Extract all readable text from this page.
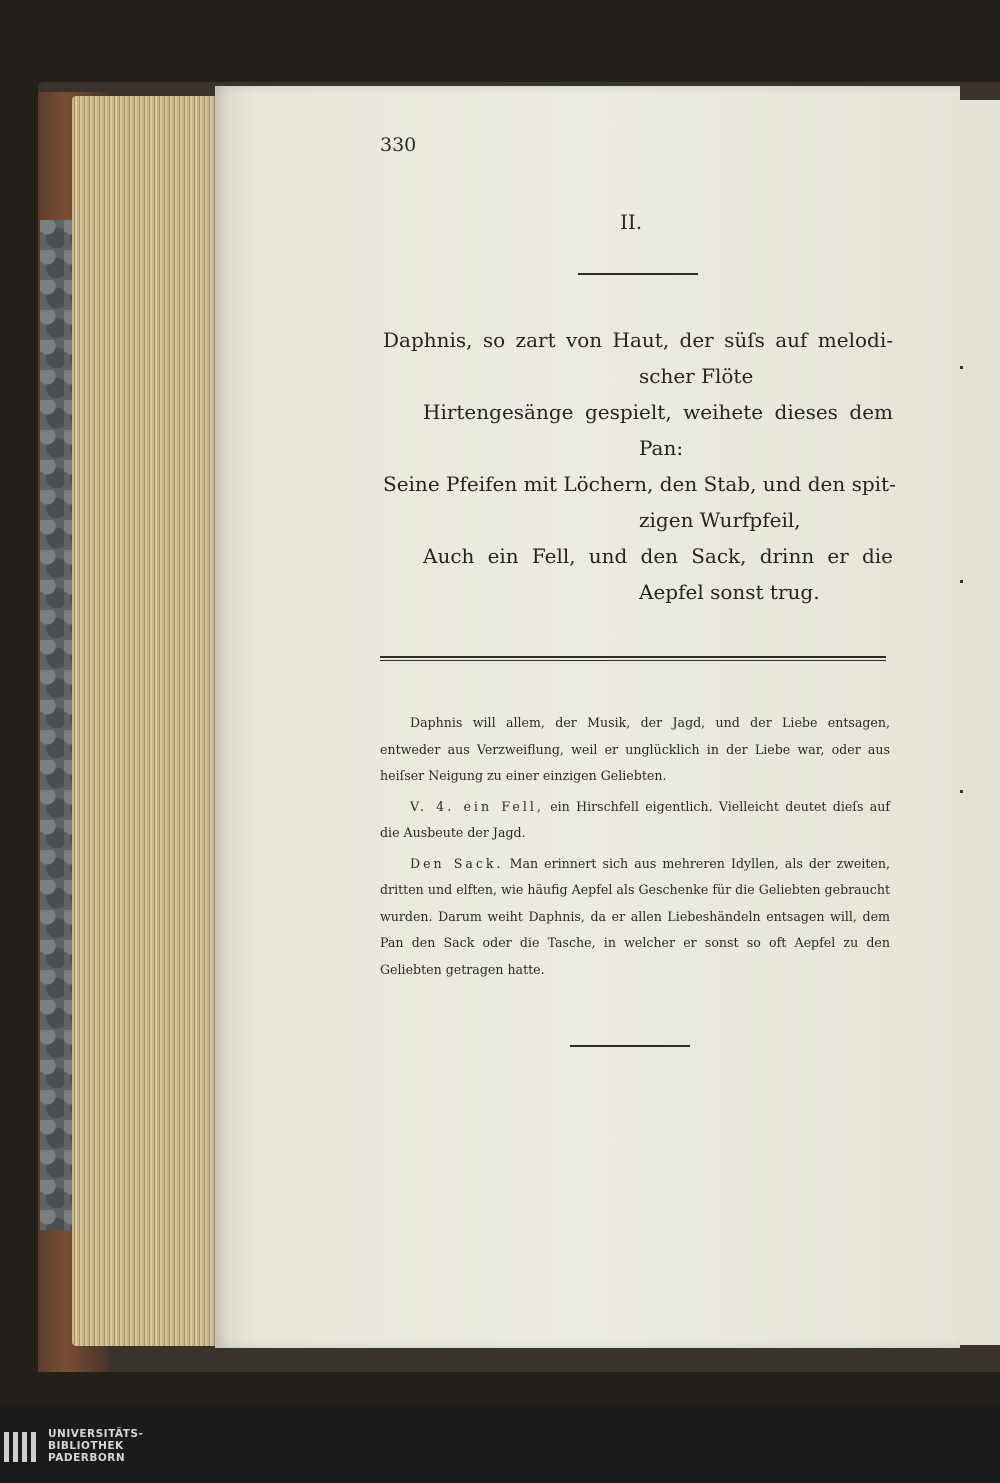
330
II.
Daphnis, so zart von Haut, der süſs auf melodi-
scher Flöte
Hirtengesänge gespielt, weihete dieses dem
Pan:
Seine Pfeifen mit Löchern, den Stab, und den spit-
zigen Wurfpfeil,
Auch ein Fell, und den Sack, drinn er die
Aepfel sonst trug.

Daphnis will allem, der Musik, der Jagd, und der Liebe entsagen, entweder aus Verzweiflung, weil er unglücklich in der Liebe war, oder aus heiſser Neigung zu einer einzigen Geliebten.

V. 4. ein Fell, ein Hirschfell eigentlich. Vielleicht deutet dieſs auf die Ausbeute der Jagd.

Den Sack. Man erinnert sich aus mehreren Idyllen, als der zweiten, dritten und elften, wie häufig Aepfel als Geschenke für die Geliebten gebraucht wurden. Darum weiht Daphnis, da er allen Liebeshändeln entsagen will, dem Pan den Sack oder die Tasche, in welcher er sonst so oft Aepfel zu den Geliebten getragen hatte.

UNIVERSITÄTS-
BIBLIOTHEK
PADERBORN
